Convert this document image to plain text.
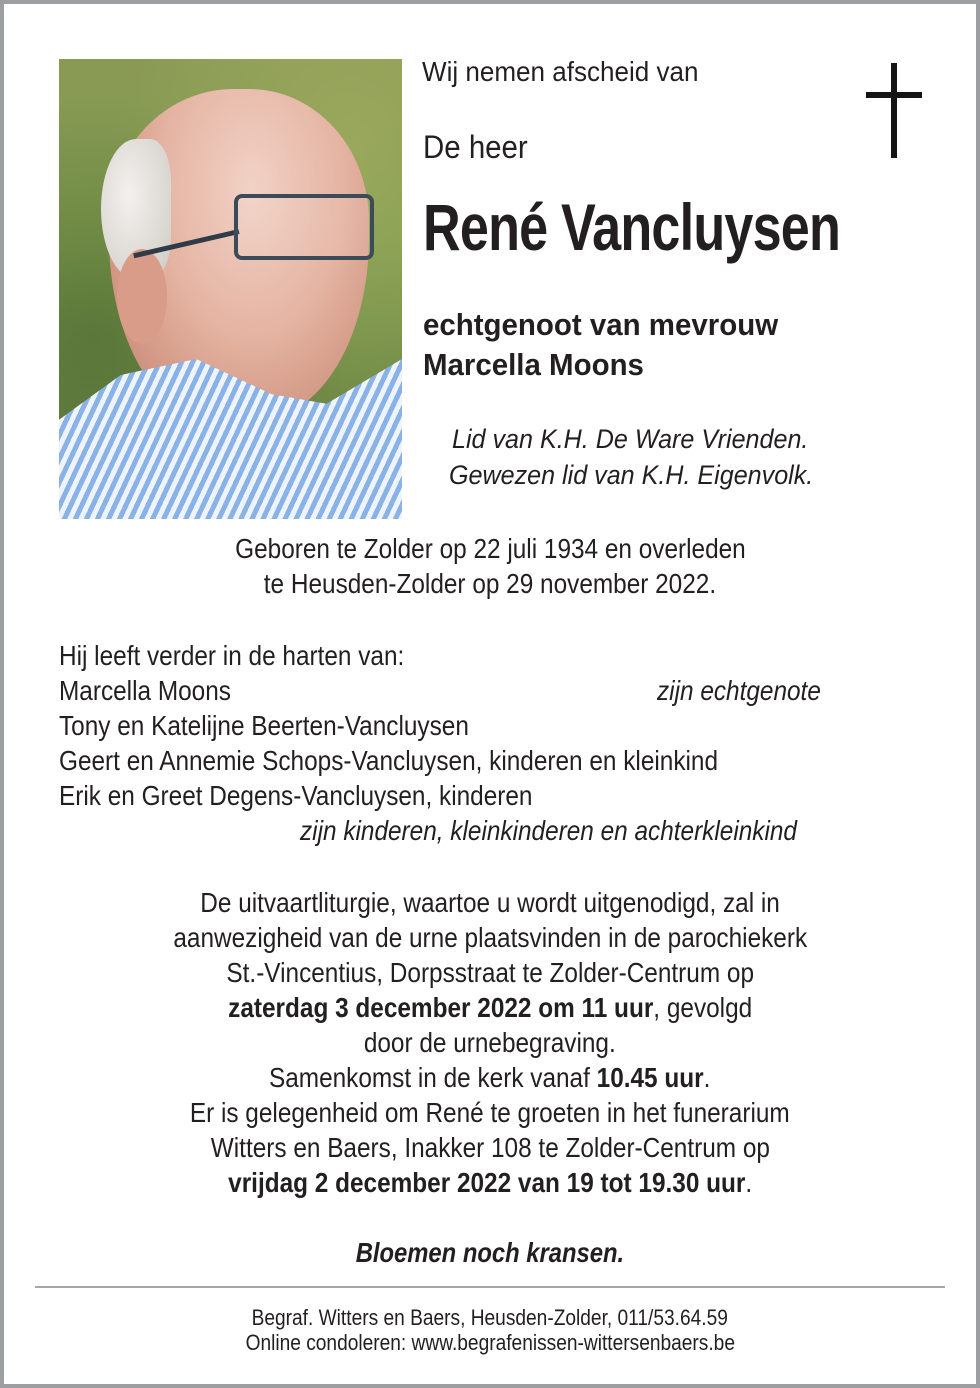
Wij nemen afscheid van
De heer
René Vancluysen
echtgenoot van mevrouw
Marcella Moons
Lid van K.H. De Ware Vrienden.
Gewezen lid van K.H. Eigenvolk.
Geboren te Zolder op 22 juli 1934 en overleden
te Heusden-Zolder op 29 november 2022.
Hij leeft verder in de harten van:
Marcella Moons	zijn echtgenote
Tony en Katelijne Beerten-Vancluysen
Geert en Annemie Schops-Vancluysen, kinderen en kleinkind
Erik en Greet Degens-Vancluysen, kinderen
zijn kinderen, kleinkinderen en achterkleinkind
De uitvaartliturgie, waartoe u wordt uitgenodigd, zal in
aanwezigheid van de urne plaatsvinden in de parochiekerk
St.-Vincentius, Dorpsstraat te Zolder-Centrum op
zaterdag 3 december 2022 om 11 uur, gevolgd
door de urnebegraving.
Samenkomst in de kerk vanaf 10.45 uur.
Er is gelegenheid om René te groeten in het funerarium
Witters en Baers, Inakker 108 te Zolder-Centrum op
vrijdag 2 december 2022 van 19 tot 19.30 uur.
Bloemen noch kransen.
Begraf. Witters en Baers, Heusden-Zolder, 011/53.64.59
Online condoleren: www.begrafenissen-wittersenbaers.be
